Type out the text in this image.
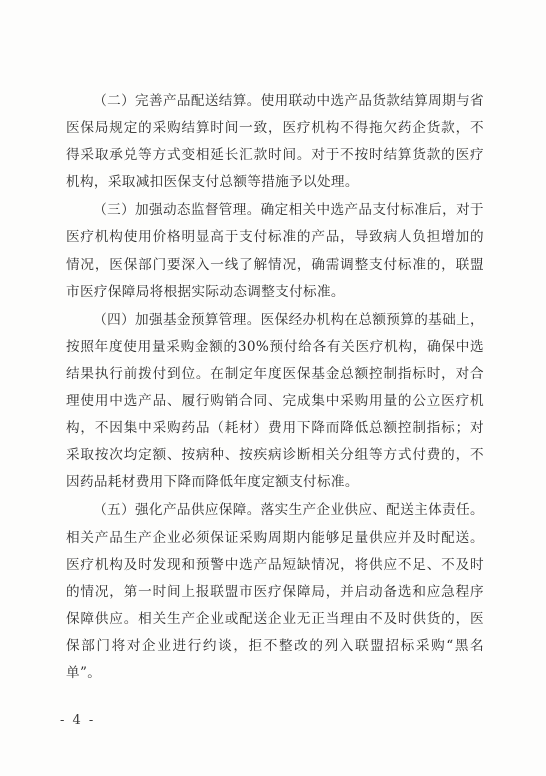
（二）完善产品配送结算。使用联动中选产品货款结算周期与省医保局规定的采购结算时间一致，医疗机构不得拖欠药企货款，不得采取承兑等方式变相延长汇款时间。对于不按时结算货款的医疗机构，采取减扣医保支付总额等措施予以处理。

（三）加强动态监督管理。确定相关中选产品支付标准后，对于医疗机构使用价格明显高于支付标准的产品，导致病人负担增加的情况，医保部门要深入一线了解情况，确需调整支付标准的，联盟市医疗保障局将根据实际动态调整支付标准。

（四）加强基金预算管理。医保经办机构在总额预算的基础上，按照年度使用量采购金额的30%预付给各有关医疗机构，确保中选结果执行前拨付到位。在制定年度医保基金总额控制指标时，对合理使用中选产品、履行购销合同、完成集中采购用量的公立医疗机构，不因集中采购药品（耗材）费用下降而降低总额控制指标；对采取按次均定额、按病种、按疾病诊断相关分组等方式付费的，不因药品耗材费用下降而降低年度定额支付标准。

（五）强化产品供应保障。落实生产企业供应、配送主体责任。相关产品生产企业必须保证采购周期内能够足量供应并及时配送。医疗机构及时发现和预警中选产品短缺情况，将供应不足、不及时的情况，第一时间上报联盟市医疗保障局，并启动备选和应急程序保障供应。相关生产企业或配送企业无正当理由不及时供货的，医保部门将对企业进行约谈，拒不整改的列入联盟招标采购“黑名单”。

- 4 -
